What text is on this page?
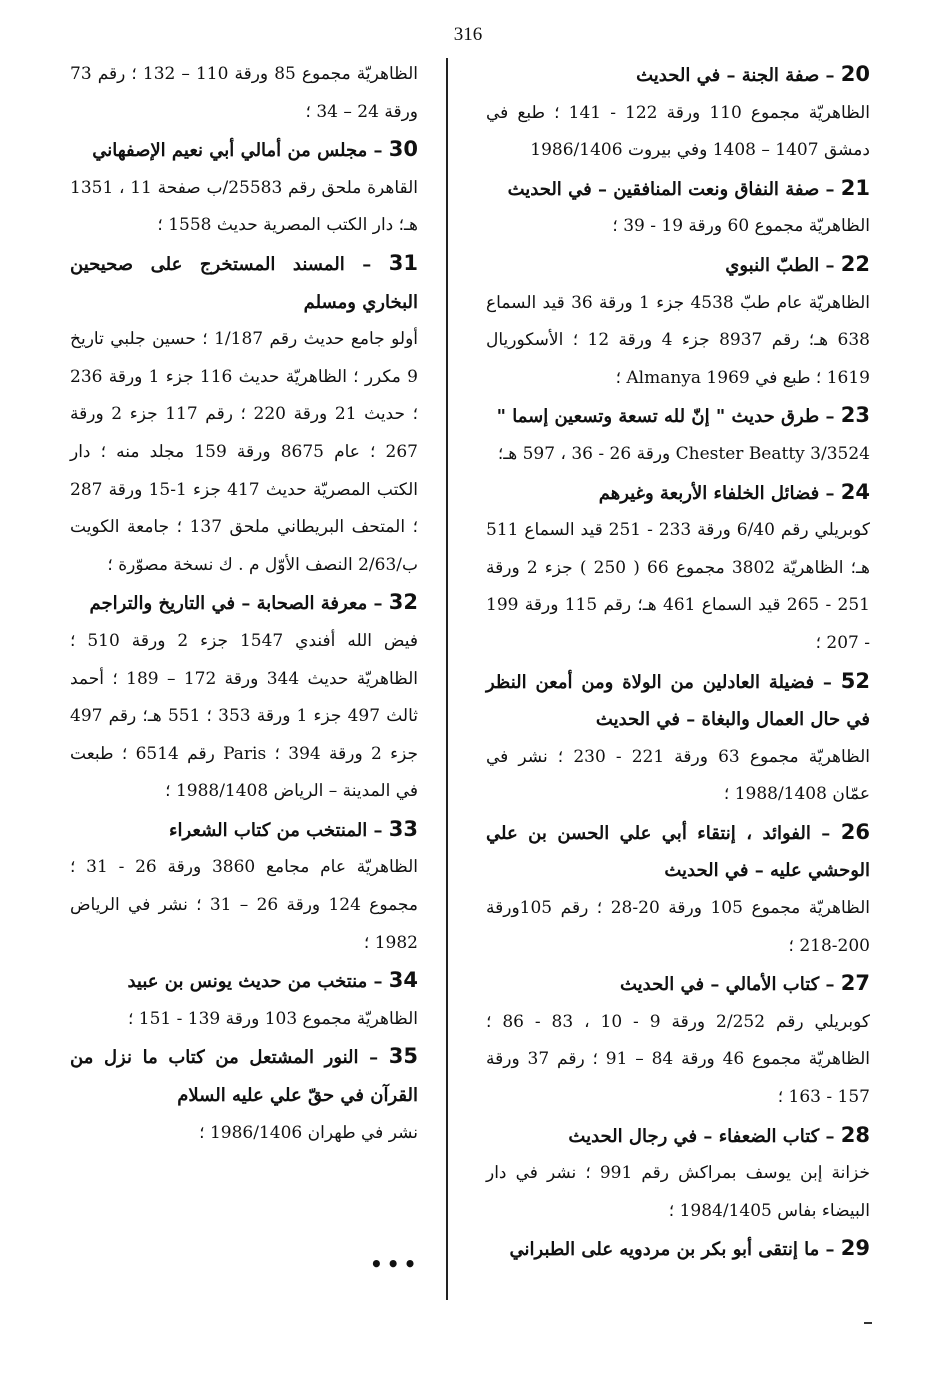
316
20 – صفة الجنة – في الحديث
الظاهريّة مجموع 110 ورقة 122 - 141 ؛ طبع في دمشق 1407 – 1408 وفي بيروت 1986/1406
21 – صفة النفاق ونعت المنافقين – في الحديث
الظاهريّة مجموع 60 ورقة 19 - 39 ؛
22 – الطبّ النبوي
الظاهريّة عام طبّ 4538 جزء 1 ورقة 36 قيد السماع 638 هـ؛ رقم 8937 جزء 4 ورقة 12 ؛ الأسكوريال 1619 ؛ طبع في Almanya 1969 ؛
23 – طرق حديث " إنّ لله تسعة وتسعين إسما "
Chester Beatty 3/3524 ورقة 26 - 36 ، 597 هـ؛
24 – فضائل الخلفاء الأربعة وغيرهم
كوبريلي رقم 6/40 ورقة 233 - 251 قيد السماع 511 هـ؛ الظاهريّة 3802 مجموع 66 ( 250 ) جزء 2 ورقة 251 - 265 قيد السماع 461 هـ؛ رقم 115 ورقة 199 - 207 ؛
52 – فضيلة العادلين من الولاة ومن أمعن النظر في حال العمال والبغاة – في الحديث
الظاهريّة مجموع 63 ورقة 221 - 230 ؛ نشر في عمّان 1988/1408 ؛
26 – الفوائد ، إنتقاء أبي علي الحسن بن علي الوحشي عليه – في الحديث
الظاهريّة مجموع 105 ورقة 20-28 ؛ رقم 105ورقة 200-218 ؛
27 – كتاب الأمالي – في الحديث
كوبريلي رقم 2/252 ورقة 9 - 10 ، 83 - 86 ؛ الظاهريّة مجموع 46 ورقة 84 – 91 ؛ رقم 37 ورقة 157 - 163 ؛
28 – كتاب الضعفاء – في رجال الحديث
خزانة إبن يوسف بمراكش رقم 991 ؛ نشر في دار البيضاء بفاس 1984/1405 ؛
29 – ما إنتقى أبو بكر بن مردويه على الطبراني
الظاهريّة مجموع 85 ورقة 110 – 132 ؛ رقم 73 ورقة 24 – 34 ؛
30 – مجلس من أمالي أبي نعيم الإصفهاني
القاهرة ملحق رقم 25583/ب صفحة 11 ، 1351 هـ؛ دار الكتب المصرية حديث 1558 ؛
31 – المسند المستخرج على صحيحين البخاري ومسلم
أولو جامع حديث رقم 1/187 ؛ حسين جلبي تاريخ 9 مكرر ؛ الظاهريّة حديث 116 جزء 1 ورقة 236 ؛ حديث 21 ورقة 220 ؛ رقم 117 جزء 2 ورقة 267 ؛ عام 8675 ورقة 159 مجلد منه ؛ دار الكتب المصريّة حديث 417 جزء 1-15 ورقة 287 ؛ المتحف البريطاني ملحق 137 ؛ جامعة الكويت ب/2/63 النصف الأوّل م . ك نسخة مصوّرة ؛
32 – معرفة الصحابة – في التاريخ والتراجم
فيض الله أفندي 1547 جزء 2 ورقة 510 ؛ الظاهريّة حديث 344 ورقة 172 – 189 ؛ أحمد ثالث 497 جزء 1 ورقة 353 ؛ 551 هـ؛ رقم 497 جزء 2 ورقة 394 ؛ Paris رقم 6514 ؛ طبعت في المدينة – الرياض 1988/1408 ؛
33 – المنتخب من كتاب الشعراء
الظاهريّة عام مجامع 3860 ورقة 26 - 31 ؛ مجموع 124 ورقة 26 – 31 ؛ نشر في الرياض 1982 ؛
34 – منتخب من حديث يونس بن عبيد
الظاهريّة مجموع 103 ورقة 139 - 151 ؛
35 – النور المشتعل من كتاب ما نزل من القرآن في حقّ علي عليه السلام
نشر في طهران 1986/1406 ؛
•••
